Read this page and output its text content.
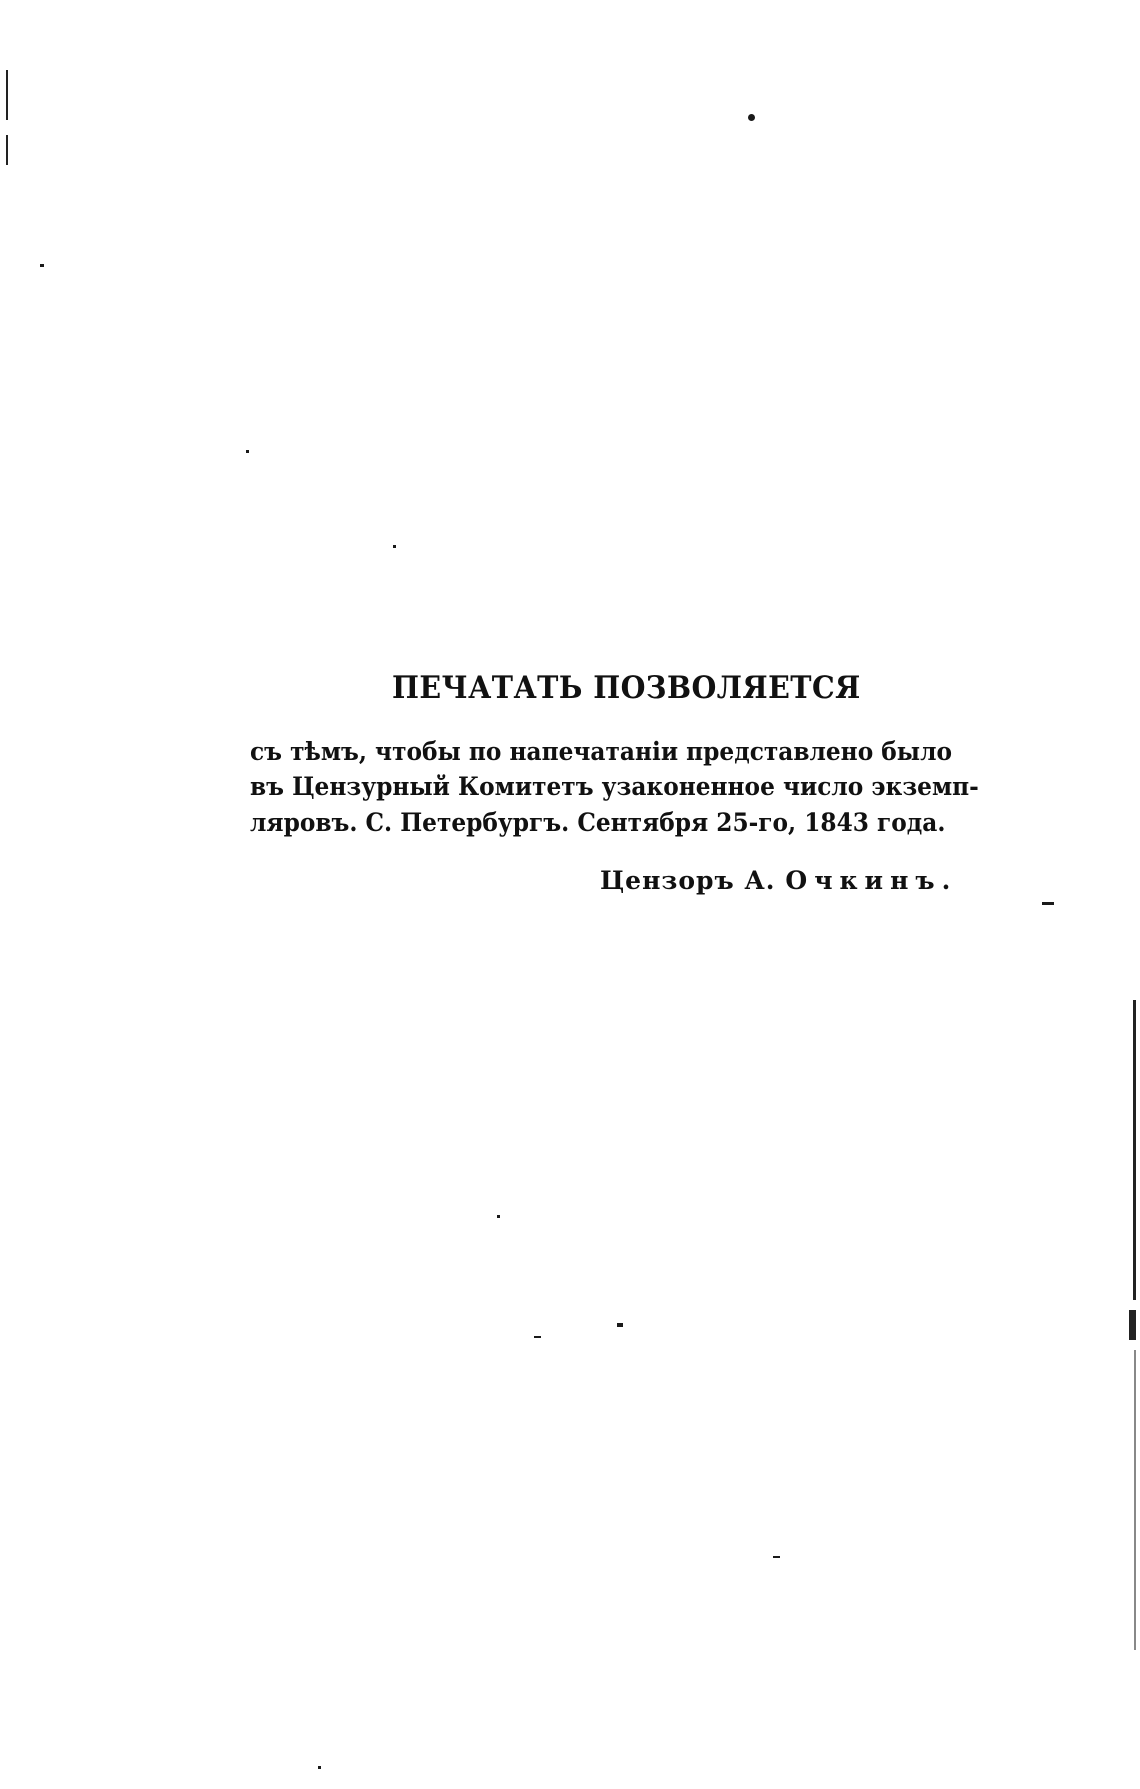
ПЕЧАТАТЬ ПОЗВОЛЯЕТСЯ
съ тѣмъ, чтобы по напечатаніи представлено было
въ Цензурный Комитетъ узаконенное число экземп-
ляровъ. С. Петербургъ. Сентября 25-го, 1843 года.
Цензоръ А. Очкинъ.
